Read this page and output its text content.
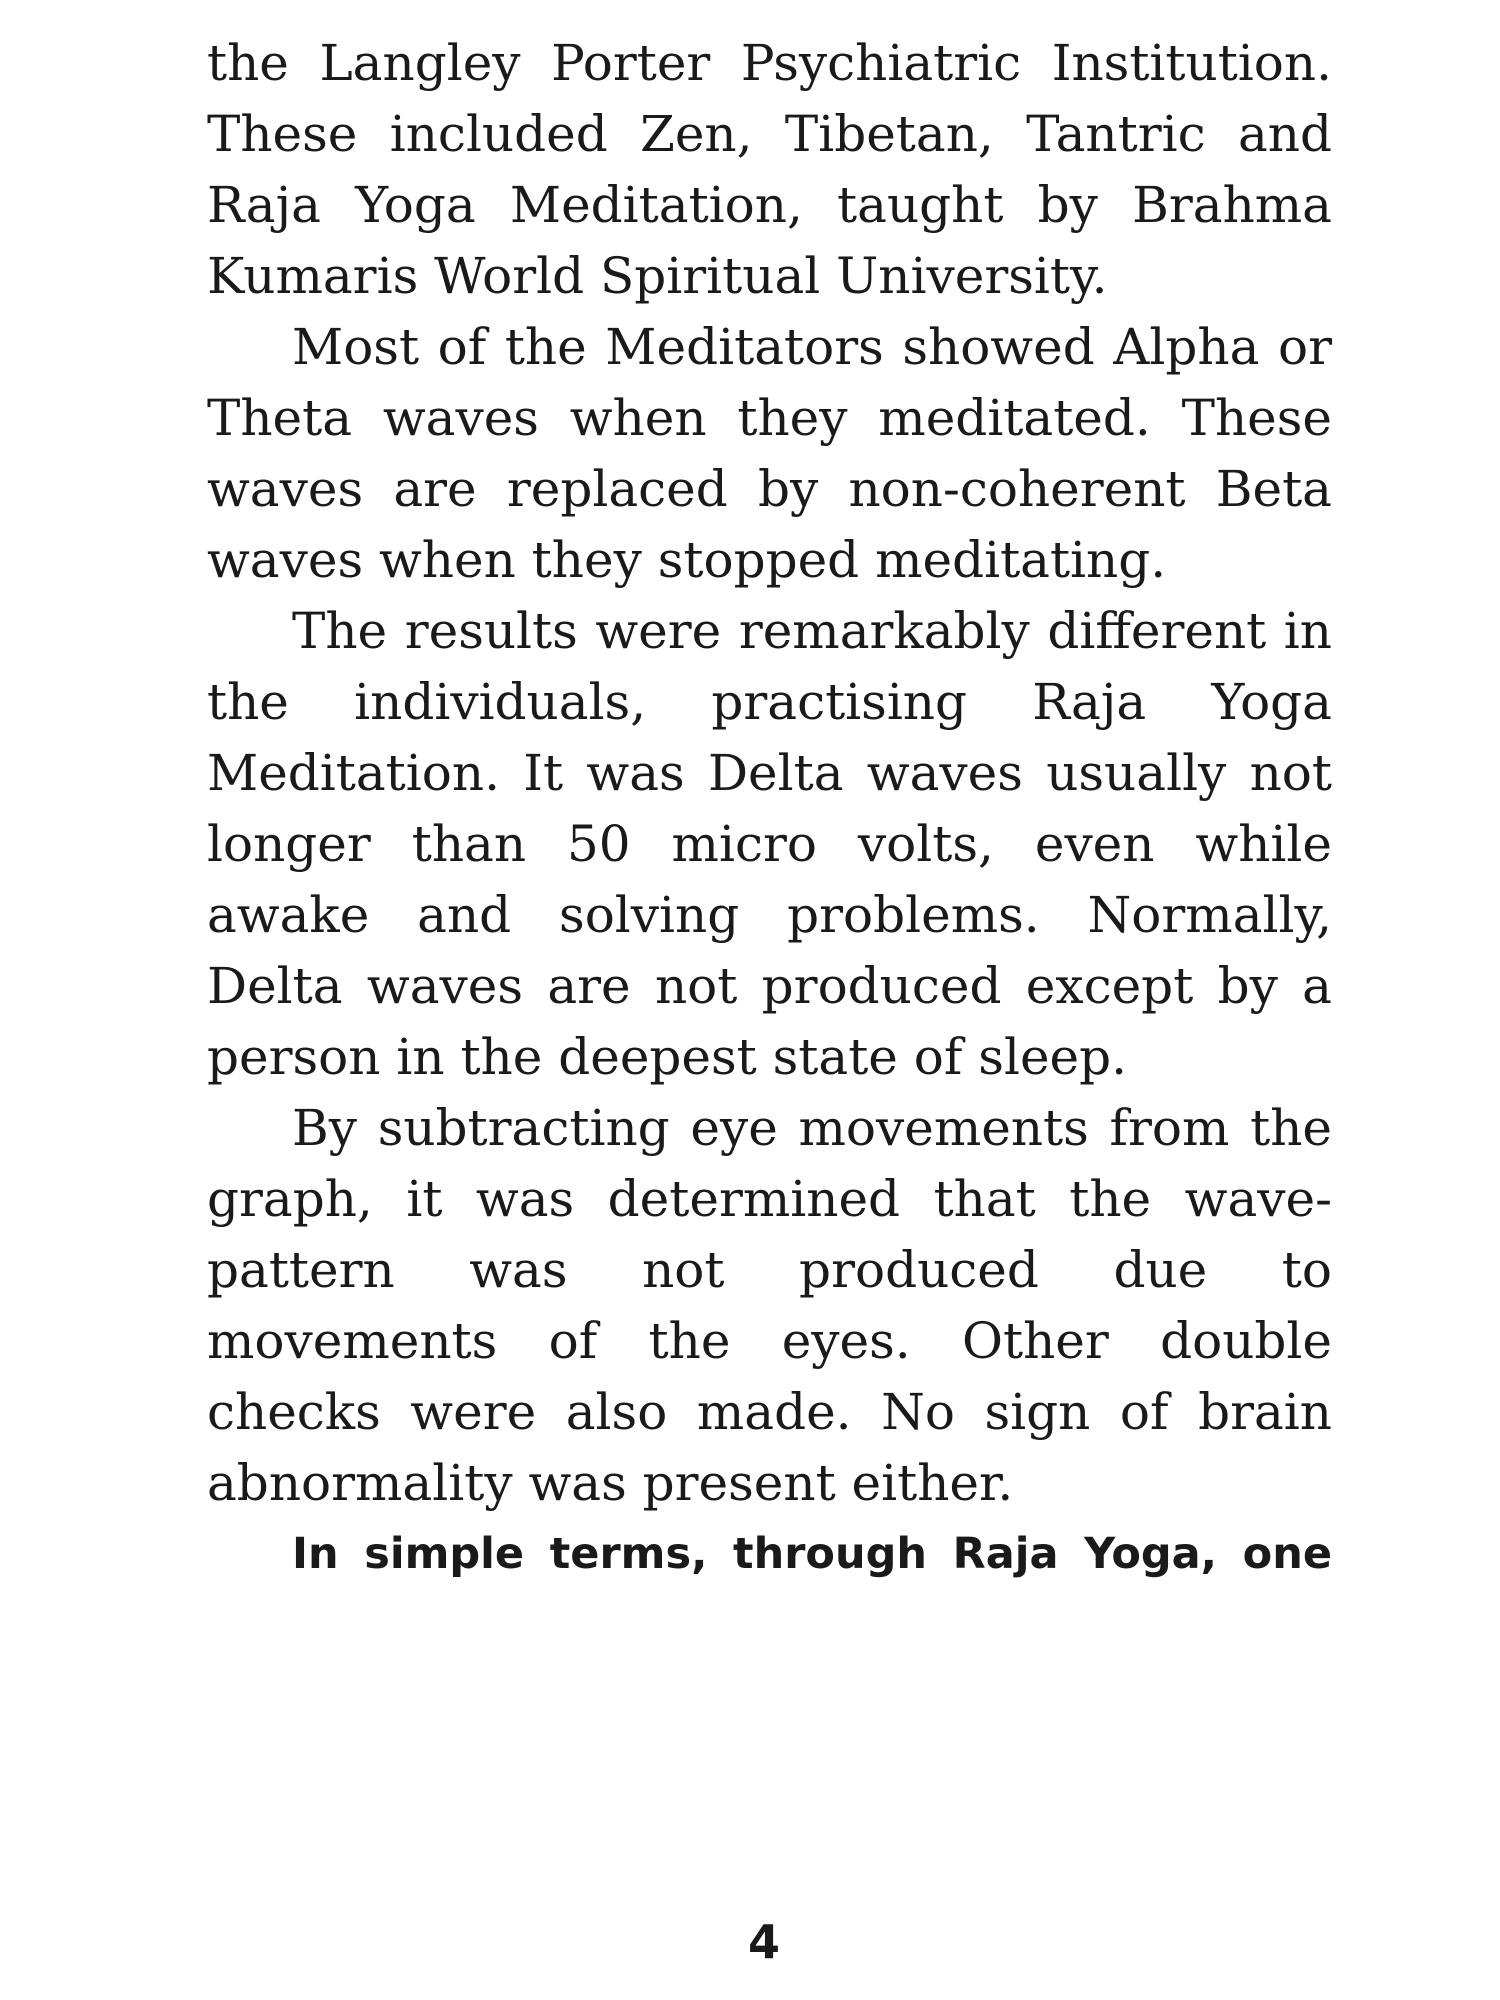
the Langley Porter Psychiatric Institution. These included Zen, Tibetan, Tantric and Raja Yoga Meditation, taught by Brahma Kumaris World Spiritual University.

Most of the Meditators showed Alpha or Theta waves when they meditated. These waves are replaced by non-coherent Beta waves when they stopped meditating.

The results were remarkably different in the individuals, practising Raja Yoga Meditation. It was Delta waves usually not longer than 50 micro volts, even while awake and solving problems. Normally, Delta waves are not produced except by a person in the deepest state of sleep.

By subtracting eye movements from the graph, it was determined that the wave-pattern was not produced due to movements of the eyes. Other double checks were also made. No sign of brain abnormality was present either.

In simple terms, through Raja Yoga, one

4
